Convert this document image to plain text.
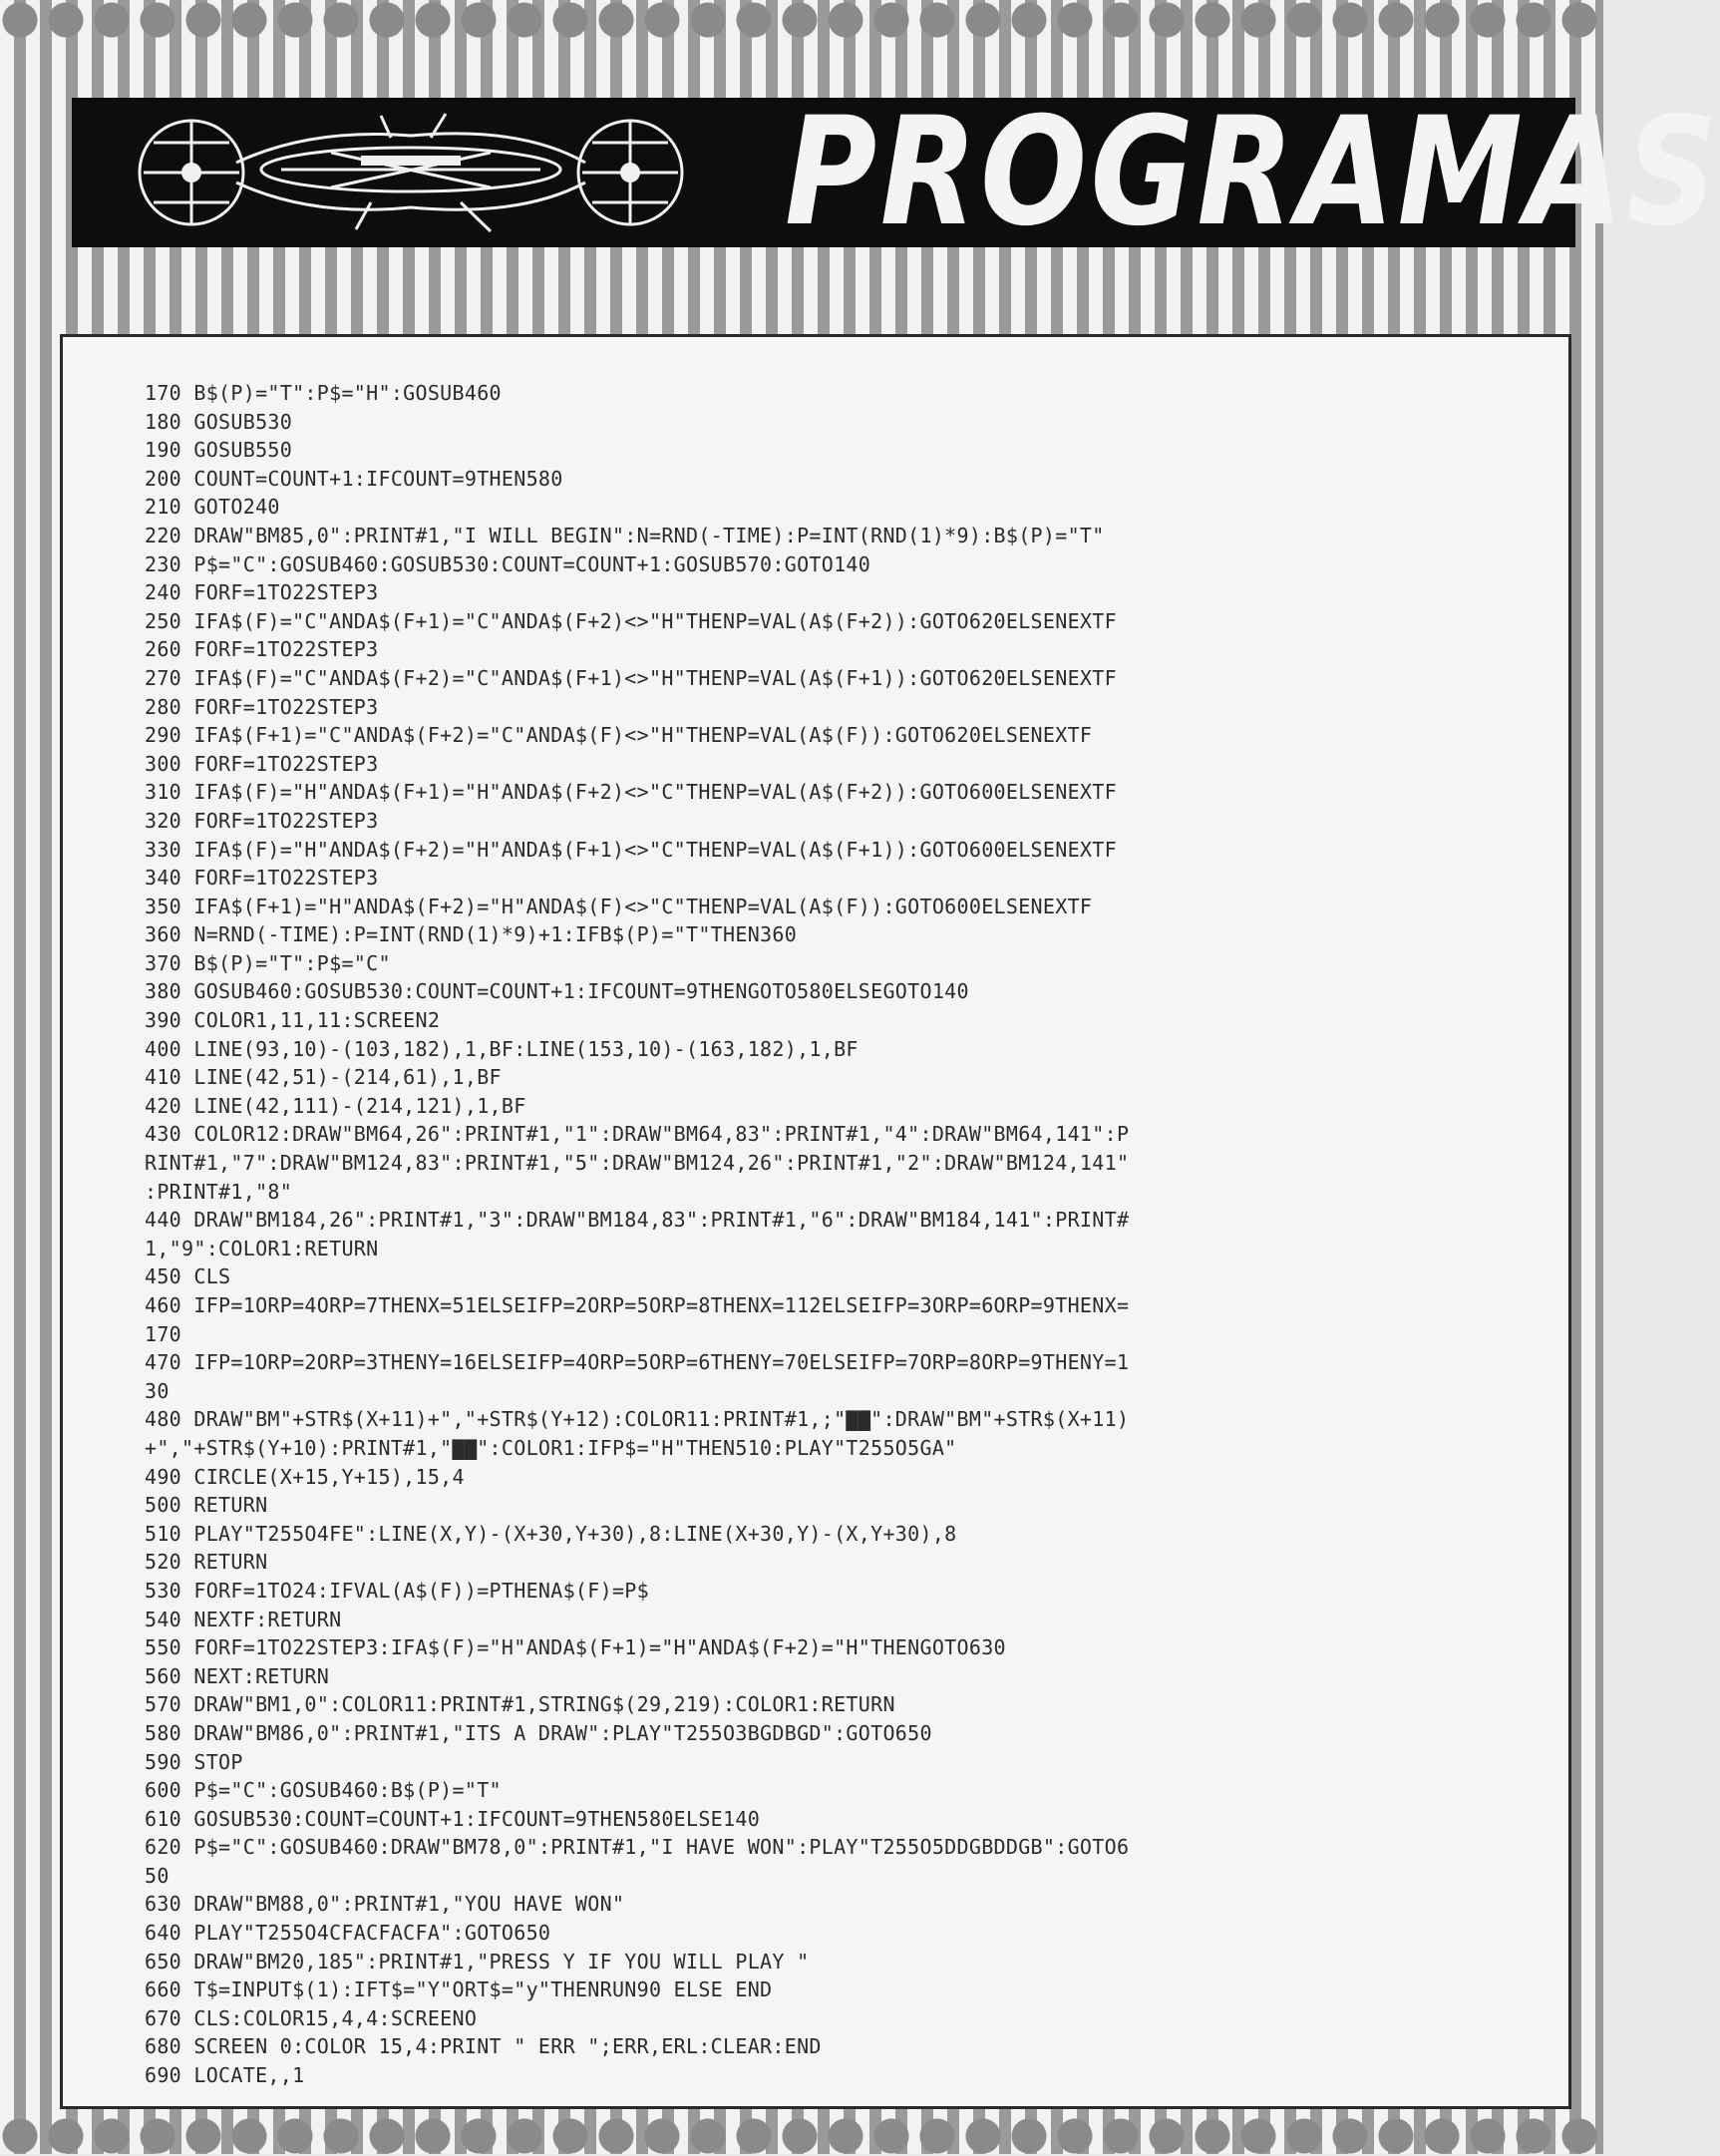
PROGRAMAS
170 B$(P)="T":P$="H":GOSUB460
180 GOSUB530
190 GOSUB550
200 COUNT=COUNT+1:IFCOUNT=9THEN580
210 GOTO240
220 DRAW"BM85,0":PRINT#1,"I WILL BEGIN":N=RND(-TIME):P=INT(RND(1)*9):B$(P)="T"
230 P$="C":GOSUB460:GOSUB530:COUNT=COUNT+1:GOSUB570:GOTO140
240 FORF=1TO22STEP3
250 IFA$(F)="C"ANDA$(F+1)="C"ANDA$(F+2)<>"H"THENP=VAL(A$(F+2)):GOTO620ELSENEXTF
260 FORF=1TO22STEP3
270 IFA$(F)="C"ANDA$(F+2)="C"ANDA$(F+1)<>"H"THENP=VAL(A$(F+1)):GOTO620ELSENEXTF
280 FORF=1TO22STEP3
290 IFA$(F+1)="C"ANDA$(F+2)="C"ANDA$(F)<>"H"THENP=VAL(A$(F)):GOTO620ELSENEXTF
300 FORF=1TO22STEP3
310 IFA$(F)="H"ANDA$(F+1)="H"ANDA$(F+2)<>"C"THENP=VAL(A$(F+2)):GOTO600ELSENEXTF
320 FORF=1TO22STEP3
330 IFA$(F)="H"ANDA$(F+2)="H"ANDA$(F+1)<>"C"THENP=VAL(A$(F+1)):GOTO600ELSENEXTF
340 FORF=1TO22STEP3
350 IFA$(F+1)="H"ANDA$(F+2)="H"ANDA$(F)<>"C"THENP=VAL(A$(F)):GOTO600ELSENEXTF
360 N=RND(-TIME):P=INT(RND(1)*9)+1:IFB$(P)="T"THEN360
370 B$(P)="T":P$="C"
380 GOSUB460:GOSUB530:COUNT=COUNT+1:IFCOUNT=9THENGOTO580ELSEGOTO140
390 COLOR1,11,11:SCREEN2
400 LINE(93,10)-(103,182),1,BF:LINE(153,10)-(163,182),1,BF
410 LINE(42,51)-(214,61),1,BF
420 LINE(42,111)-(214,121),1,BF
430 COLOR12:DRAW"BM64,26":PRINT#1,"1":DRAW"BM64,83":PRINT#1,"4":DRAW"BM64,141":P
RINT#1,"7":DRAW"BM124,83":PRINT#1,"5":DRAW"BM124,26":PRINT#1,"2":DRAW"BM124,141"
:PRINT#1,"8"
440 DRAW"BM184,26":PRINT#1,"3":DRAW"BM184,83":PRINT#1,"6":DRAW"BM184,141":PRINT#
1,"9":COLOR1:RETURN
450 CLS
460 IFP=1ORP=4ORP=7THENX=51ELSEIFP=2ORP=5ORP=8THENX=112ELSEIFP=3ORP=6ORP=9THENX=
170
470 IFP=1ORP=2ORP=3THENY=16ELSEIFP=4ORP=5ORP=6THENY=70ELSEIFP=7ORP=8ORP=9THENY=1
30
480 DRAW"BM"+STR$(X+11)+","+STR$(Y+12):COLOR11:PRINT#1,;"▇▇":DRAW"BM"+STR$(X+11)
+","+STR$(Y+10):PRINT#1,"▇▇":COLOR1:IFP$="H"THEN510:PLAY"T255O5GA"
490 CIRCLE(X+15,Y+15),15,4
500 RETURN
510 PLAY"T255O4FE":LINE(X,Y)-(X+30,Y+30),8:LINE(X+30,Y)-(X,Y+30),8
520 RETURN
530 FORF=1TO24:IFVAL(A$(F))=PTHENA$(F)=P$
540 NEXTF:RETURN
550 FORF=1TO22STEP3:IFA$(F)="H"ANDA$(F+1)="H"ANDA$(F+2)="H"THENGOTO630
560 NEXT:RETURN
570 DRAW"BM1,0":COLOR11:PRINT#1,STRING$(29,219):COLOR1:RETURN
580 DRAW"BM86,0":PRINT#1,"ITS A DRAW":PLAY"T255O3BGDBGD":GOTO650
590 STOP
600 P$="C":GOSUB460:B$(P)="T"
610 GOSUB530:COUNT=COUNT+1:IFCOUNT=9THEN580ELSE140
620 P$="C":GOSUB460:DRAW"BM78,0":PRINT#1,"I HAVE WON":PLAY"T255O5DDGBDDGB":GOTO6
50
630 DRAW"BM88,0":PRINT#1,"YOU HAVE WON"
640 PLAY"T255O4CFACFACFA":GOTO650
650 DRAW"BM20,185":PRINT#1,"PRESS Y IF YOU WILL PLAY "
660 T$=INPUT$(1):IFT$="Y"ORT$="y"THENRUN90 ELSE END
670 CLS:COLOR15,4,4:SCREENO
680 SCREEN 0:COLOR 15,4:PRINT " ERR ";ERR,ERL:CLEAR:END
690 LOCATE,,1
